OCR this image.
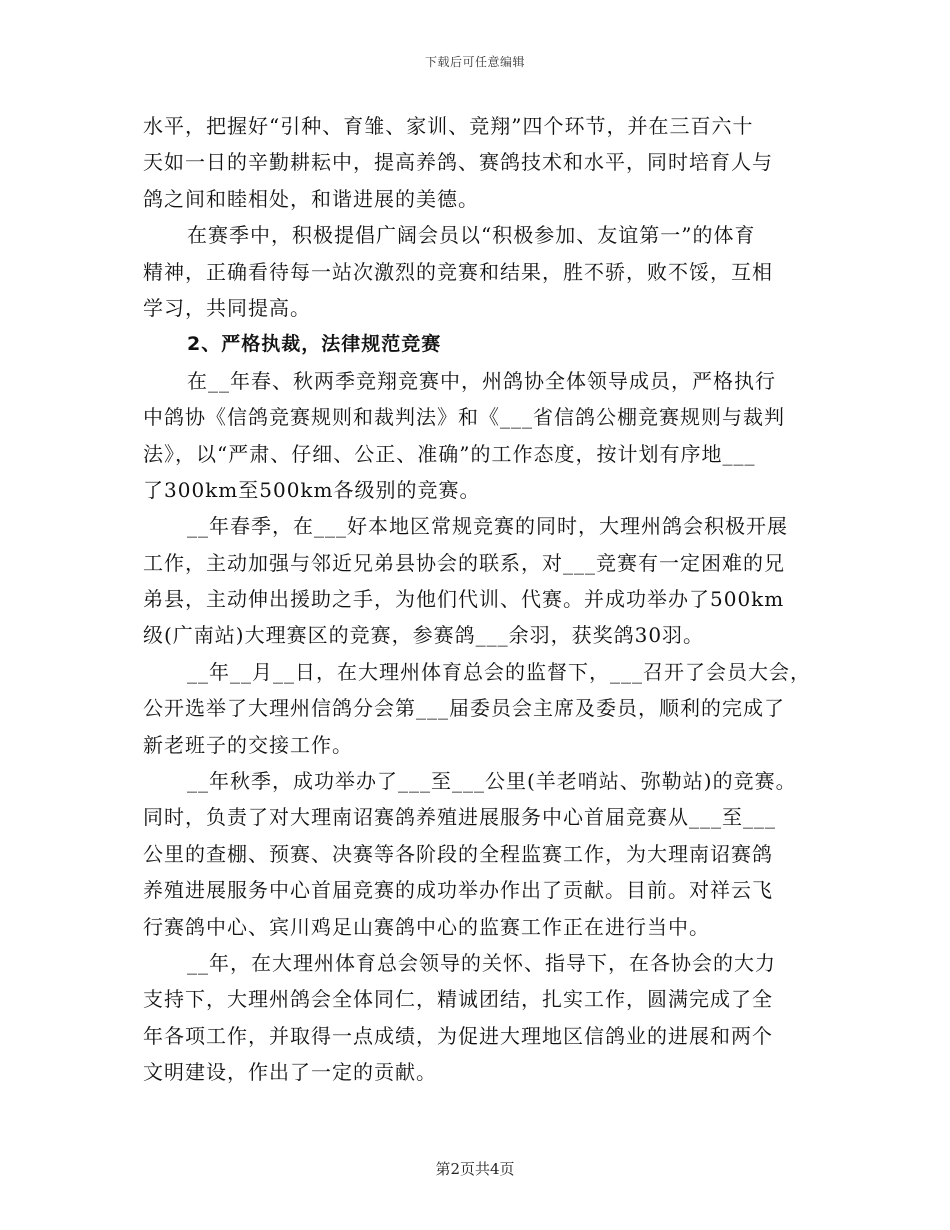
下载后可任意编辑
水平，把握好“引种、育雏、家训、竞翔”四个环节，并在三百六十
天如一日的辛勤耕耘中，提高养鸽、赛鸽技术和水平，同时培育人与
鸽之间和睦相处，和谐进展的美德。
在赛季中，积极提倡广阔会员以“积极参加、友谊第一”的体育
精神，正确看待每一站次激烈的竞赛和结果，胜不骄，败不馁，互相
学习，共同提高。
2、严格执裁，法律规范竞赛
在__年春、秋两季竞翔竞赛中，州鸽协全体领导成员，严格执行
中鸽协《信鸽竞赛规则和裁判法》和《___省信鸽公棚竞赛规则与裁判
法》，以“严肃、仔细、公正、准确”的工作态度，按计划有序地___
了300km至500km各级别的竞赛。
__年春季，在___好本地区常规竞赛的同时，大理州鸽会积极开展
工作，主动加强与邻近兄弟县协会的联系，对___竞赛有一定困难的兄
弟县，主动伸出援助之手，为他们代训、代赛。并成功举办了500km
级(广南站)大理赛区的竞赛，参赛鸽___余羽，获奖鸽30羽。
__年__月__日，在大理州体育总会的监督下，___召开了会员大会，
公开选举了大理州信鸽分会第___届委员会主席及委员，顺利的完成了
新老班子的交接工作。
__年秋季，成功举办了___至___公里(羊老哨站、弥勒站)的竞赛。
同时，负责了对大理南诏赛鸽养殖进展服务中心首届竞赛从___至___
公里的查棚、预赛、决赛等各阶段的全程监赛工作，为大理南诏赛鸽
养殖进展服务中心首届竞赛的成功举办作出了贡献。目前。对祥云飞
行赛鸽中心、宾川鸡足山赛鸽中心的监赛工作正在进行当中。
__年，在大理州体育总会领导的关怀、指导下，在各协会的大力
支持下，大理州鸽会全体同仁，精诚团结，扎实工作，圆满完成了全
年各项工作，并取得一点成绩，为促进大理地区信鸽业的进展和两个
文明建设，作出了一定的贡献。
第2页共4页
